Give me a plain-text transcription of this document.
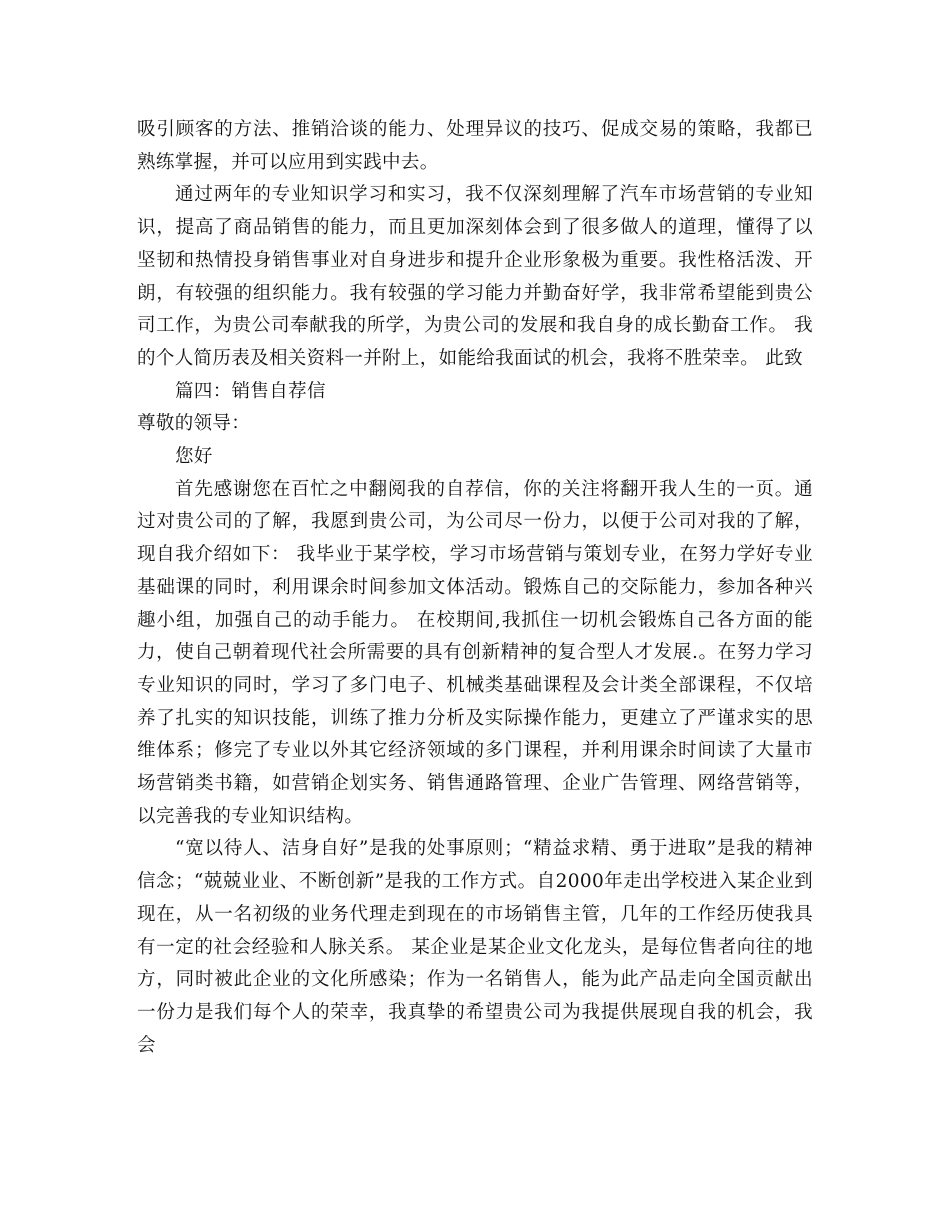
吸引顾客的方法、推销洽谈的能力、处理异议的技巧、促成交易的策略，我都已熟练掌握，并可以应用到实践中去。

通过两年的专业知识学习和实习，我不仅深刻理解了汽车市场营销的专业知识，提高了商品销售的能力，而且更加深刻体会到了很多做人的道理，懂得了以坚韧和热情投身销售事业对自身进步和提升企业形象极为重要。我性格活泼、开朗，有较强的组织能力。我有较强的学习能力并勤奋好学，我非常希望能到贵公司工作，为贵公司奉献我的所学，为贵公司的发展和我自身的成长勤奋工作。 我的个人简历表及相关资料一并附上，如能给我面试的机会，我将不胜荣幸。 此致

篇四：销售自荐信

尊敬的领导：

您好

首先感谢您在百忙之中翻阅我的自荐信，你的关注将翻开我人生的一页。通过对贵公司的了解，我愿到贵公司，为公司尽一份力，以便于公司对我的了解，现自我介绍如下： 我毕业于某学校，学习市场营销与策划专业，在努力学好专业基础课的同时，利用课余时间参加文体活动。锻炼自己的交际能力，参加各种兴趣小组，加强自己的动手能力。 在校期间,我抓住一切机会锻炼自己各方面的能力，使自己朝着现代社会所需要的具有创新精神的复合型人才发展.。在努力学习专业知识的同时，学习了多门电子、机械类基础课程及会计类全部课程，不仅培养了扎实的知识技能，训练了推力分析及实际操作能力，更建立了严谨求实的思维体系；修完了专业以外其它经济领域的多门课程，并利用课余时间读了大量市场营销类书籍，如营销企划实务、销售通路管理、企业广告管理、网络营销等，以完善我的专业知识结构。

“宽以待人、洁身自好”是我的处事原则；“精益求精、勇于进取”是我的精神信念；“兢兢业业、不断创新”是我的工作方式。自2000年走出学校进入某企业到现在，从一名初级的业务代理走到现在的市场销售主管，几年的工作经历使我具有一定的社会经验和人脉关系。 某企业是某企业文化龙头，是每位售者向往的地方，同时被此企业的文化所感染；作为一名销售人，能为此产品走向全国贡献出一份力是我们每个人的荣幸，我真挚的希望贵公司为我提供展现自我的机会，我会
